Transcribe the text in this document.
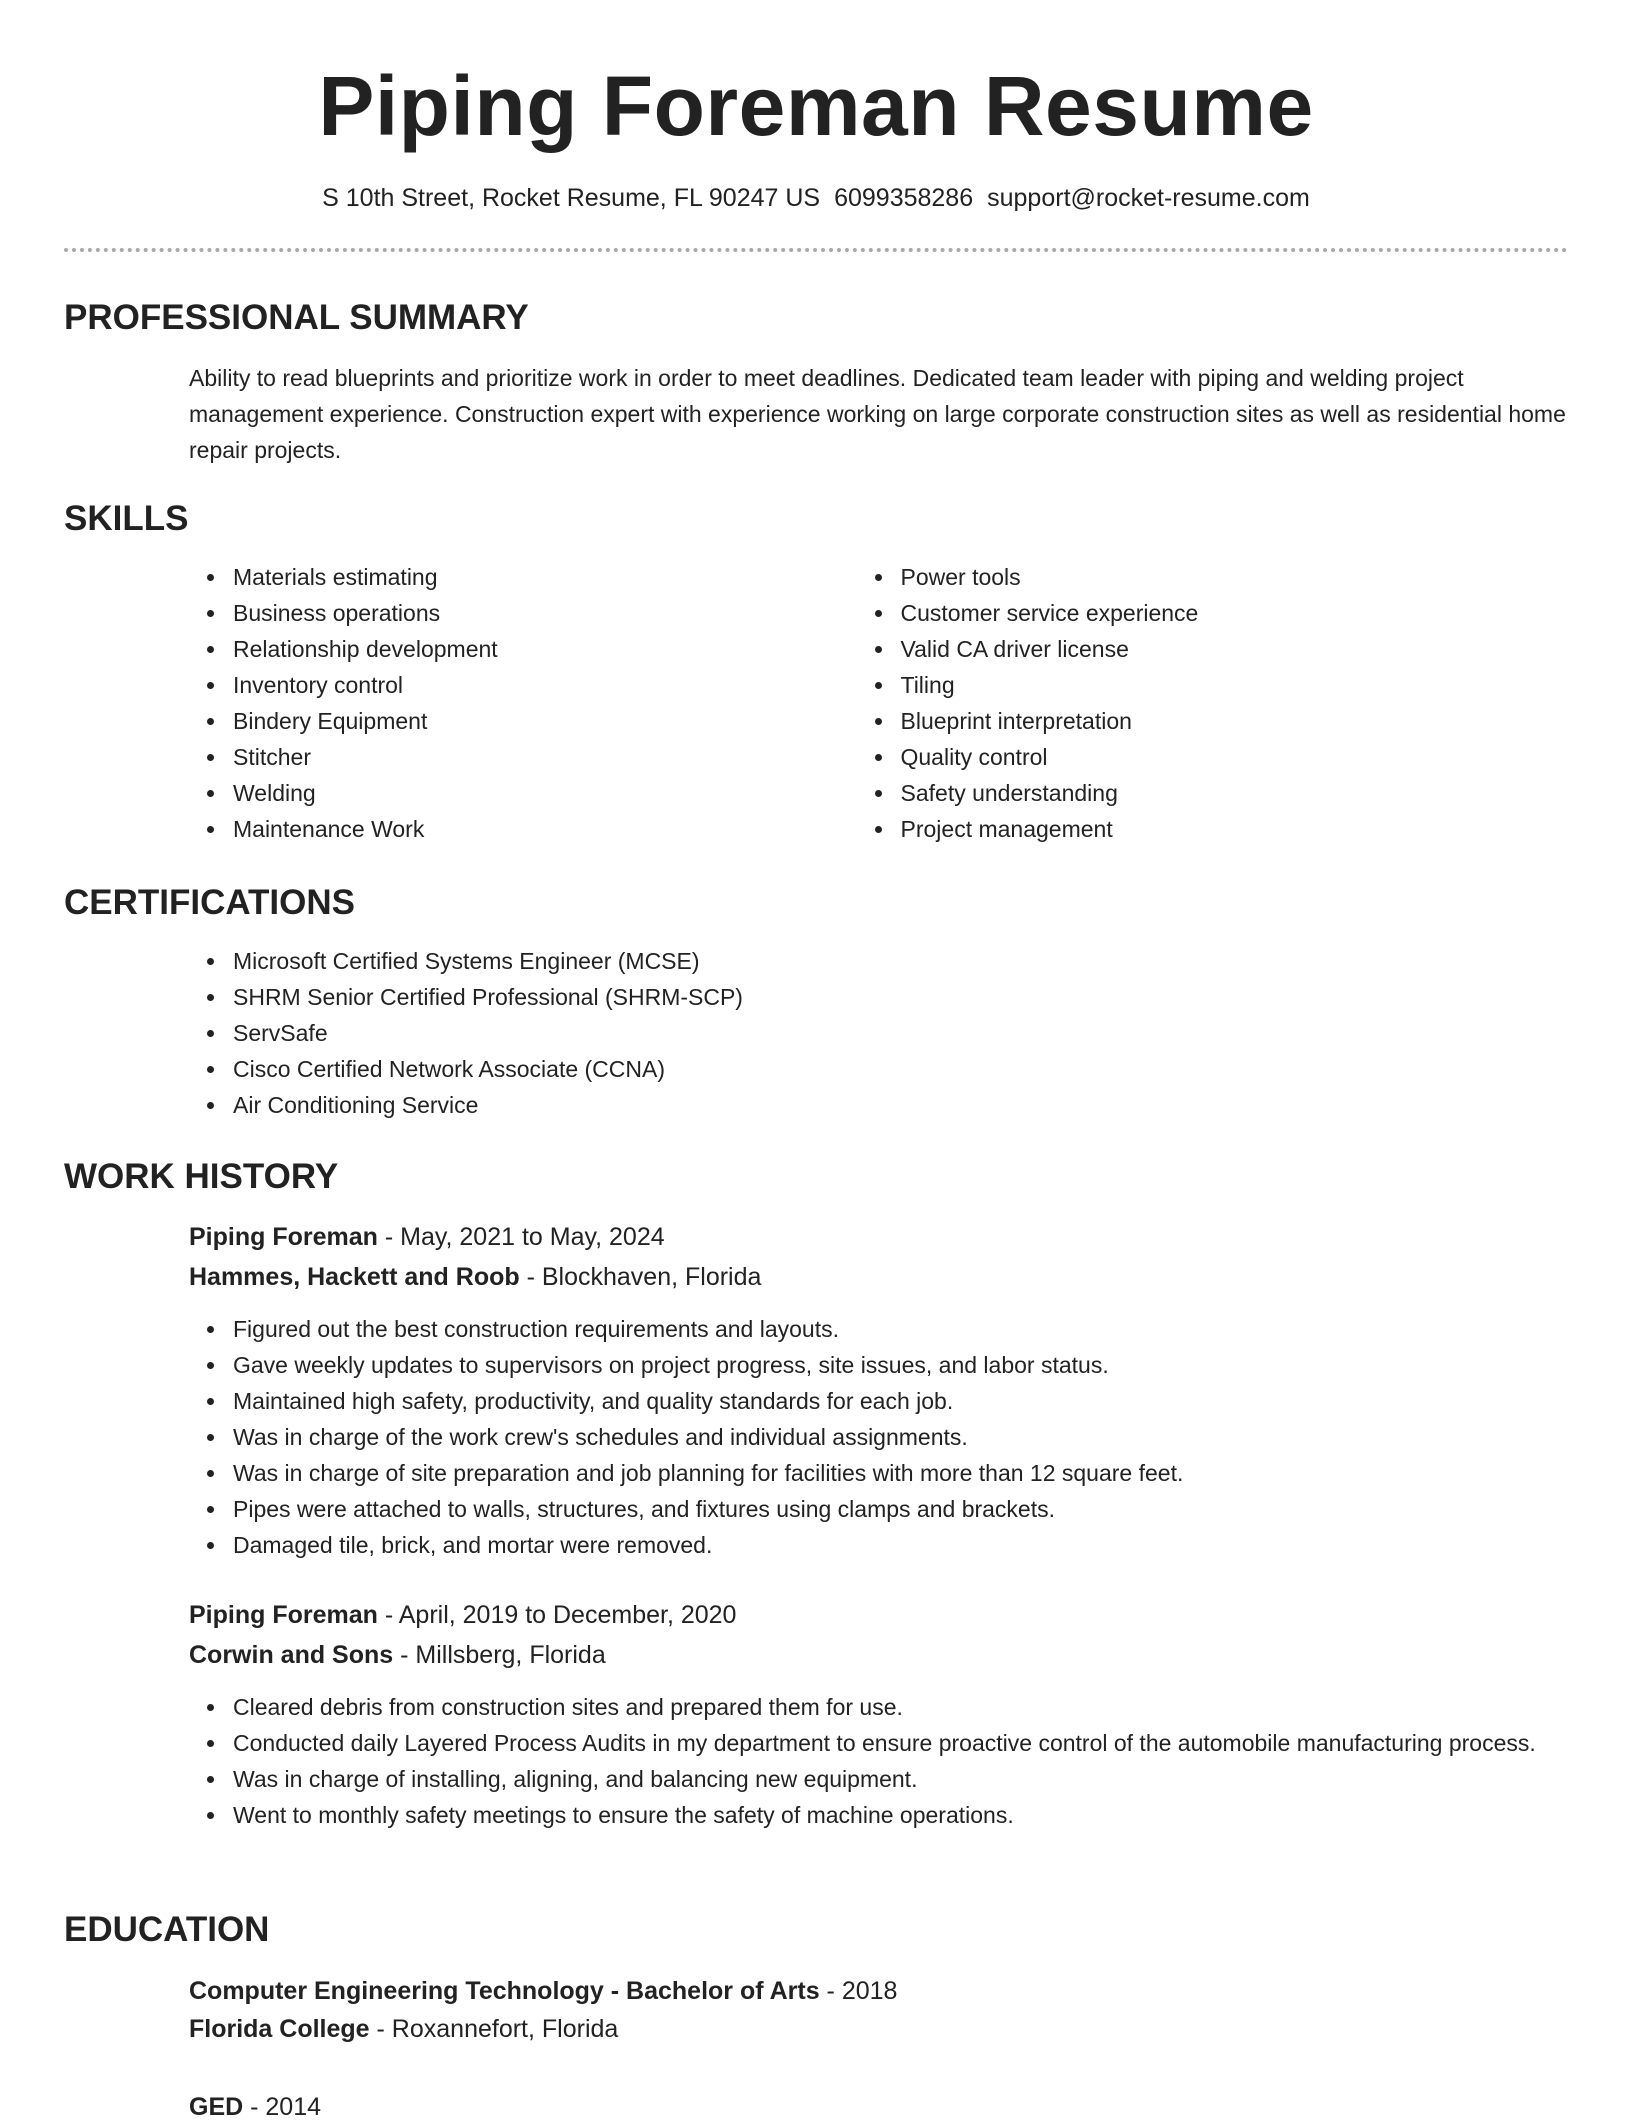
Piping Foreman Resume
S 10th Street, Rocket Resume, FL 90247 US 6099358286 support@rocket-resume.com
PROFESSIONAL SUMMARY

Ability to read blueprints and prioritize work in order to meet deadlines. Dedicated team leader with piping and welding project management experience. Construction expert with experience working on large corporate construction sites as well as residential home repair projects.

SKILLS
Materials estimating
Business operations
Relationship development
Inventory control
Bindery Equipment
Stitcher
Welding
Maintenance Work
Power tools
Customer service experience
Valid CA driver license
Tiling
Blueprint interpretation
Quality control
Safety understanding
Project management
CERTIFICATIONS
Microsoft Certified Systems Engineer (MCSE)
SHRM Senior Certified Professional (SHRM-SCP)
ServSafe
Cisco Certified Network Associate (CCNA)
Air Conditioning Service
WORK HISTORY
Piping Foreman - May, 2021 to May, 2024
Hammes, Hackett and Roob - Blockhaven, Florida
Figured out the best construction requirements and layouts.
Gave weekly updates to supervisors on project progress, site issues, and labor status.
Maintained high safety, productivity, and quality standards for each job.
Was in charge of the work crew's schedules and individual assignments.
Was in charge of site preparation and job planning for facilities with more than 12 square feet.
Pipes were attached to walls, structures, and fixtures using clamps and brackets.
Damaged tile, brick, and mortar were removed.
Piping Foreman - April, 2019 to December, 2020
Corwin and Sons - Millsberg, Florida
Cleared debris from construction sites and prepared them for use.
Conducted daily Layered Process Audits in my department to ensure proactive control of the automobile manufacturing process.
Was in charge of installing, aligning, and balancing new equipment.
Went to monthly safety meetings to ensure the safety of machine operations.
EDUCATION
Computer Engineering Technology - Bachelor of Arts - 2018
Florida College - Roxannefort, Florida
GED - 2014
